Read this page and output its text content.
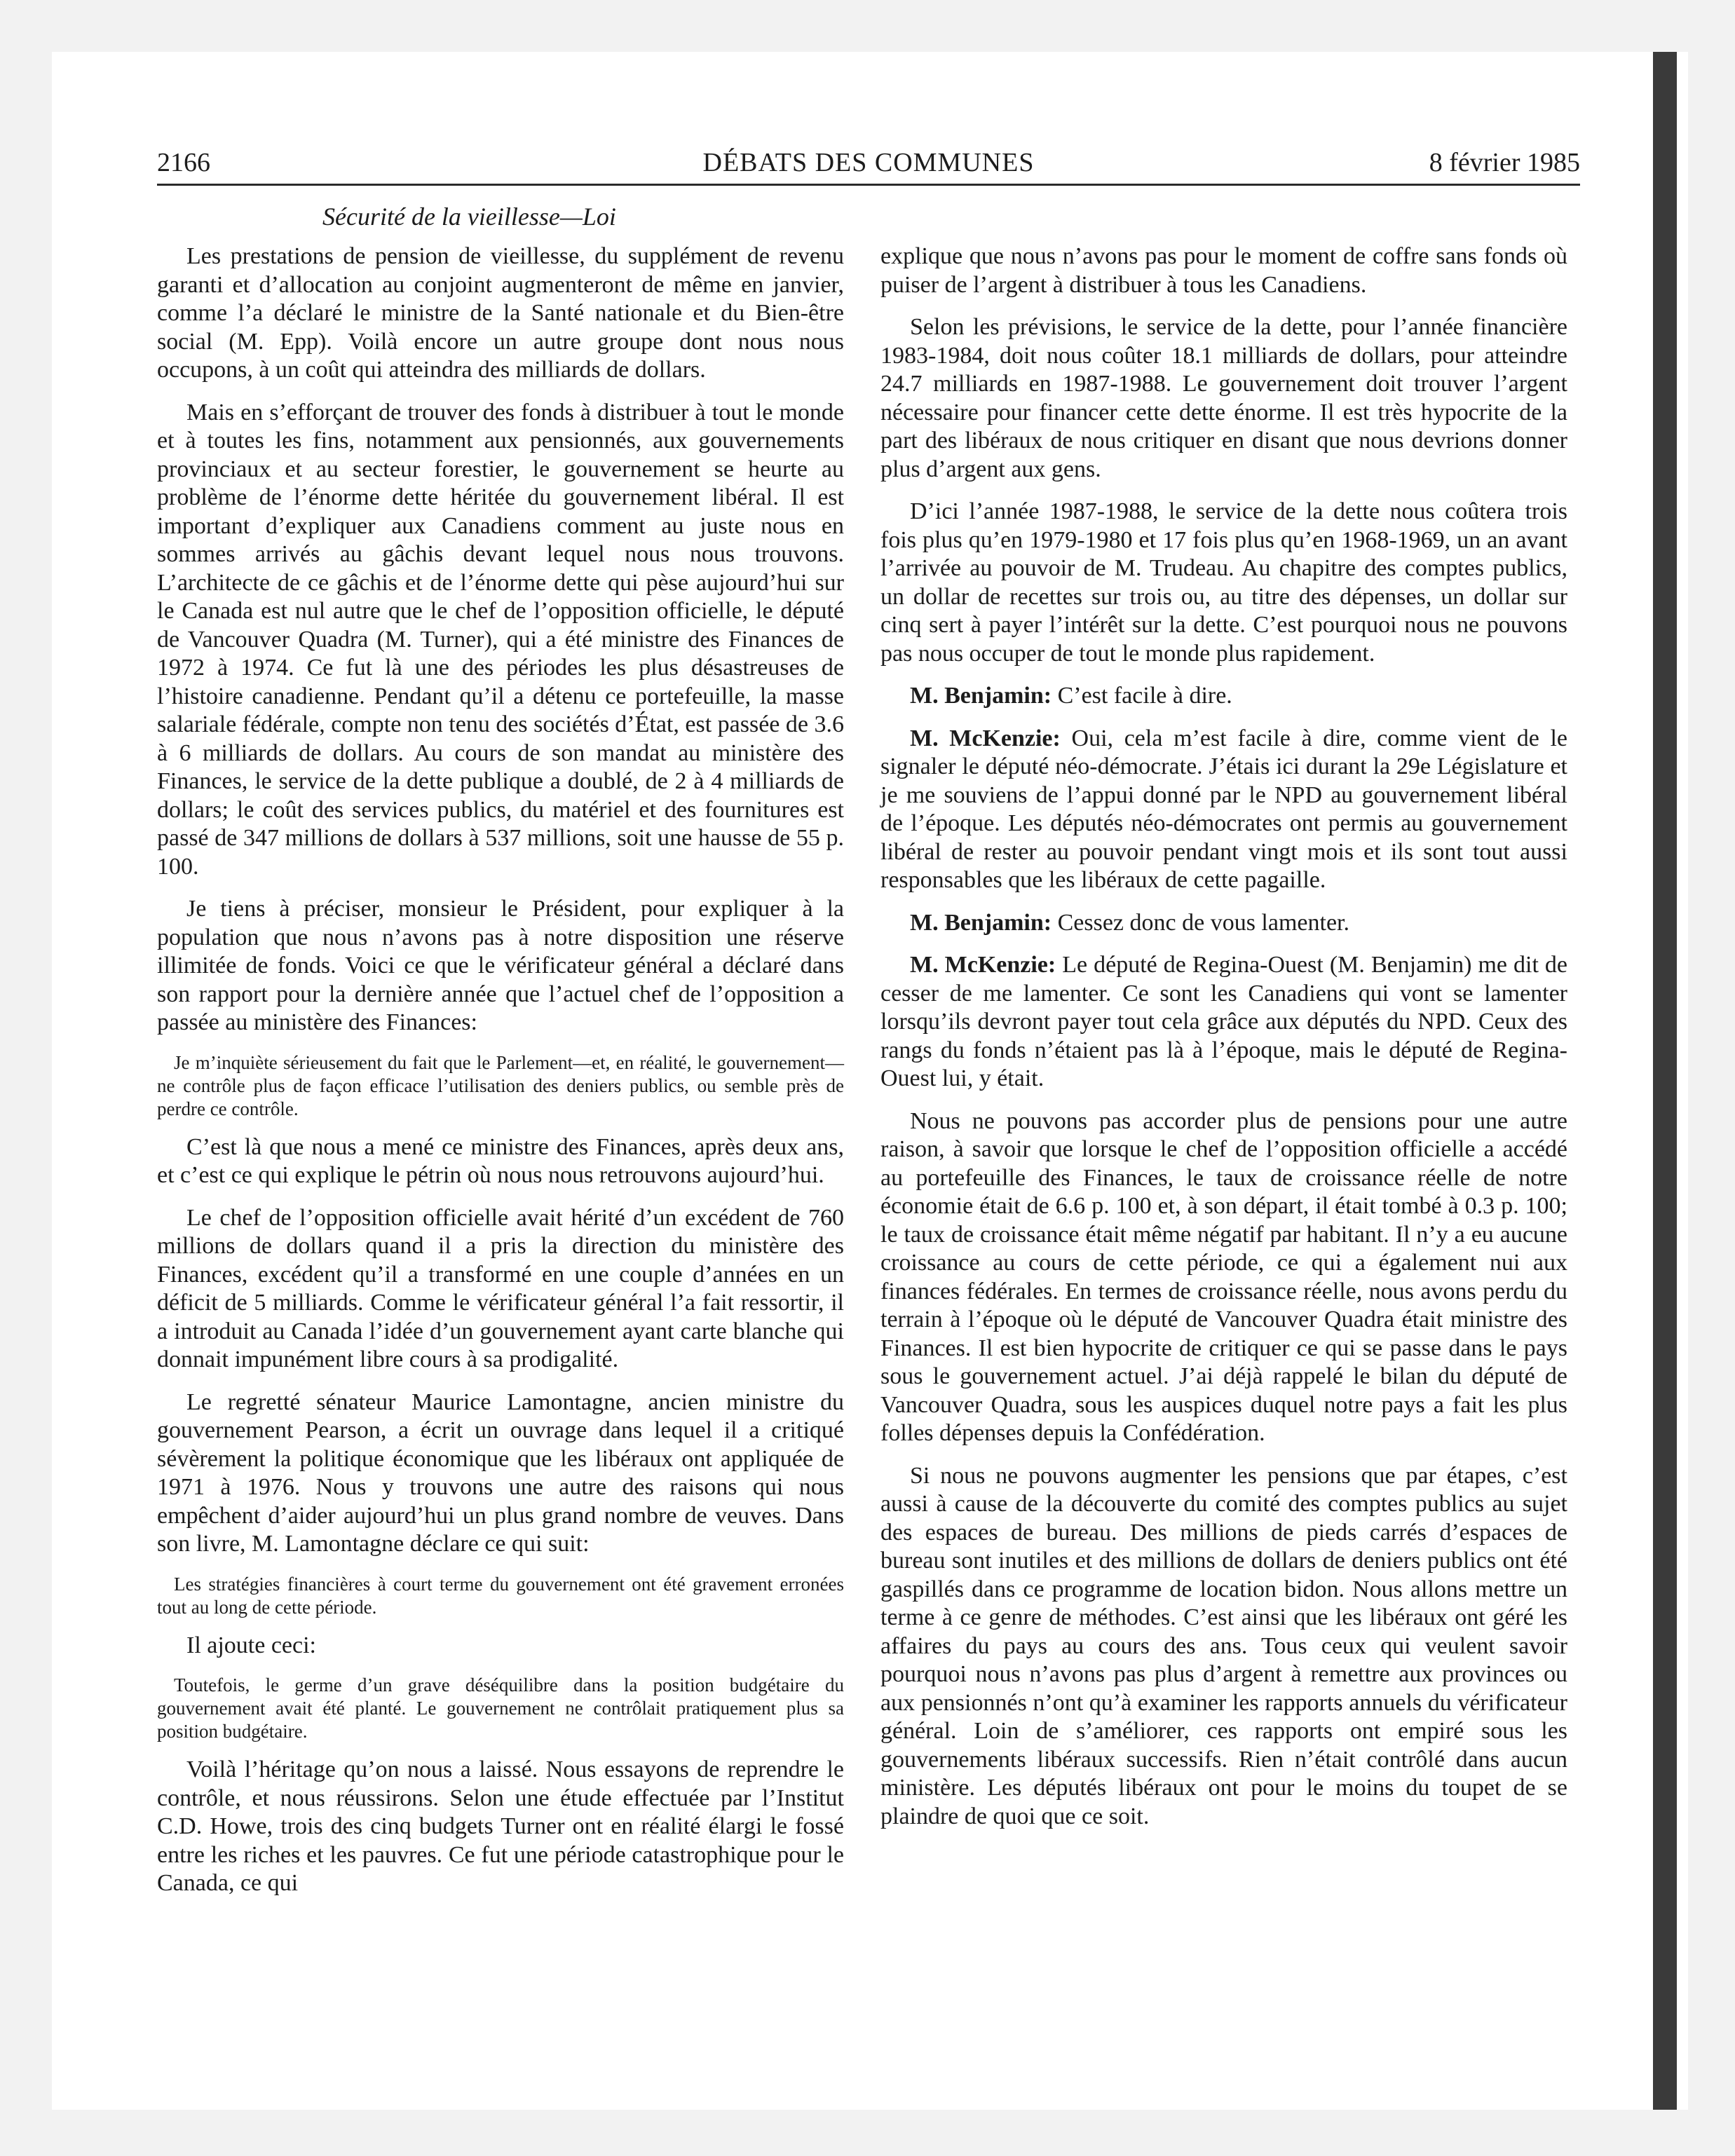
2166	DÉBATS DES COMMUNES	8 février 1985
Sécurité de la vieillesse—Loi

Les prestations de pension de vieillesse, du supplément de revenu garanti et d’allocation au conjoint augmenteront de même en janvier, comme l’a déclaré le ministre de la Santé nationale et du Bien-être social (M. Epp). Voilà encore un autre groupe dont nous nous occupons, à un coût qui atteindra des milliards de dollars.

Mais en s’efforçant de trouver des fonds à distribuer à tout le monde et à toutes les fins, notamment aux pensionnés, aux gouvernements provinciaux et au secteur forestier, le gouvernement se heurte au problème de l’énorme dette héritée du gouvernement libéral. Il est important d’expliquer aux Canadiens comment au juste nous en sommes arrivés au gâchis devant lequel nous nous trouvons. L’architecte de ce gâchis et de l’énorme dette qui pèse aujourd’hui sur le Canada est nul autre que le chef de l’opposition officielle, le député de Vancouver Quadra (M. Turner), qui a été ministre des Finances de 1972 à 1974. Ce fut là une des périodes les plus désastreuses de l’histoire canadienne. Pendant qu’il a détenu ce portefeuille, la masse salariale fédérale, compte non tenu des sociétés d’État, est passée de 3.6 à 6 milliards de dollars. Au cours de son mandat au ministère des Finances, le service de la dette publique a doublé, de 2 à 4 milliards de dollars; le coût des services publics, du matériel et des fournitures est passé de 347 millions de dollars à 537 millions, soit une hausse de 55 p. 100.

Je tiens à préciser, monsieur le Président, pour expliquer à la population que nous n’avons pas à notre disposition une réserve illimitée de fonds. Voici ce que le vérificateur général a déclaré dans son rapport pour la dernière année que l’actuel chef de l’opposition a passée au ministère des Finances:

Je m’inquiète sérieusement du fait que le Parlement—et, en réalité, le gouvernement—ne contrôle plus de façon efficace l’utilisation des deniers publics, ou semble près de perdre ce contrôle.

C’est là que nous a mené ce ministre des Finances, après deux ans, et c’est ce qui explique le pétrin où nous nous retrouvons aujourd’hui.

Le chef de l’opposition officielle avait hérité d’un excédent de 760 millions de dollars quand il a pris la direction du ministère des Finances, excédent qu’il a transformé en une couple d’années en un déficit de 5 milliards. Comme le vérificateur général l’a fait ressortir, il a introduit au Canada l’idée d’un gouvernement ayant carte blanche qui donnait impunément libre cours à sa prodigalité.

Le regretté sénateur Maurice Lamontagne, ancien ministre du gouvernement Pearson, a écrit un ouvrage dans lequel il a critiqué sévèrement la politique économique que les libéraux ont appliquée de 1971 à 1976. Nous y trouvons une autre des raisons qui nous empêchent d’aider aujourd’hui un plus grand nombre de veuves. Dans son livre, M. Lamontagne déclare ce qui suit:

Les stratégies financières à court terme du gouvernement ont été gravement erronées tout au long de cette période.

Il ajoute ceci:

Toutefois, le germe d’un grave déséquilibre dans la position budgétaire du gouvernement avait été planté. Le gouvernement ne contrôlait pratiquement plus sa position budgétaire.

Voilà l’héritage qu’on nous a laissé. Nous essayons de reprendre le contrôle, et nous réussirons. Selon une étude effectuée par l’Institut C.D. Howe, trois des cinq budgets Turner ont en réalité élargi le fossé entre les riches et les pauvres. Ce fut une période catastrophique pour le Canada, ce qui

explique que nous n’avons pas pour le moment de coffre sans fonds où puiser de l’argent à distribuer à tous les Canadiens.

Selon les prévisions, le service de la dette, pour l’année financière 1983-1984, doit nous coûter 18.1 milliards de dollars, pour atteindre 24.7 milliards en 1987-1988. Le gouvernement doit trouver l’argent nécessaire pour financer cette dette énorme. Il est très hypocrite de la part des libéraux de nous critiquer en disant que nous devrions donner plus d’argent aux gens.

D’ici l’année 1987-1988, le service de la dette nous coûtera trois fois plus qu’en 1979-1980 et 17 fois plus qu’en 1968-1969, un an avant l’arrivée au pouvoir de M. Trudeau. Au chapitre des comptes publics, un dollar de recettes sur trois ou, au titre des dépenses, un dollar sur cinq sert à payer l’intérêt sur la dette. C’est pourquoi nous ne pouvons pas nous occuper de tout le monde plus rapidement.

M. Benjamin: C’est facile à dire.

M. McKenzie: Oui, cela m’est facile à dire, comme vient de le signaler le député néo-démocrate. J’étais ici durant la 29e Législature et je me souviens de l’appui donné par le NPD au gouvernement libéral de l’époque. Les députés néo-démocrates ont permis au gouvernement libéral de rester au pouvoir pendant vingt mois et ils sont tout aussi responsables que les libéraux de cette pagaille.

M. Benjamin: Cessez donc de vous lamenter.

M. McKenzie: Le député de Regina-Ouest (M. Benjamin) me dit de cesser de me lamenter. Ce sont les Canadiens qui vont se lamenter lorsqu’ils devront payer tout cela grâce aux députés du NPD. Ceux des rangs du fonds n’étaient pas là à l’époque, mais le député de Regina-Ouest lui, y était.

Nous ne pouvons pas accorder plus de pensions pour une autre raison, à savoir que lorsque le chef de l’opposition officielle a accédé au portefeuille des Finances, le taux de croissance réelle de notre économie était de 6.6 p. 100 et, à son départ, il était tombé à 0.3 p. 100; le taux de croissance était même négatif par habitant. Il n’y a eu aucune croissance au cours de cette période, ce qui a également nui aux finances fédérales. En termes de croissance réelle, nous avons perdu du terrain à l’époque où le député de Vancouver Quadra était ministre des Finances. Il est bien hypocrite de critiquer ce qui se passe dans le pays sous le gouvernement actuel. J’ai déjà rappelé le bilan du député de Vancouver Quadra, sous les auspices duquel notre pays a fait les plus folles dépenses depuis la Confédération.

Si nous ne pouvons augmenter les pensions que par étapes, c’est aussi à cause de la découverte du comité des comptes publics au sujet des espaces de bureau. Des millions de pieds carrés d’espaces de bureau sont inutiles et des millions de dollars de deniers publics ont été gaspillés dans ce programme de location bidon. Nous allons mettre un terme à ce genre de méthodes. C’est ainsi que les libéraux ont géré les affaires du pays au cours des ans. Tous ceux qui veulent savoir pourquoi nous n’avons pas plus d’argent à remettre aux provinces ou aux pensionnés n’ont qu’à examiner les rapports annuels du vérificateur général. Loin de s’améliorer, ces rapports ont empiré sous les gouvernements libéraux successifs. Rien n’était contrôlé dans aucun ministère. Les députés libéraux ont pour le moins du toupet de se plaindre de quoi que ce soit.
